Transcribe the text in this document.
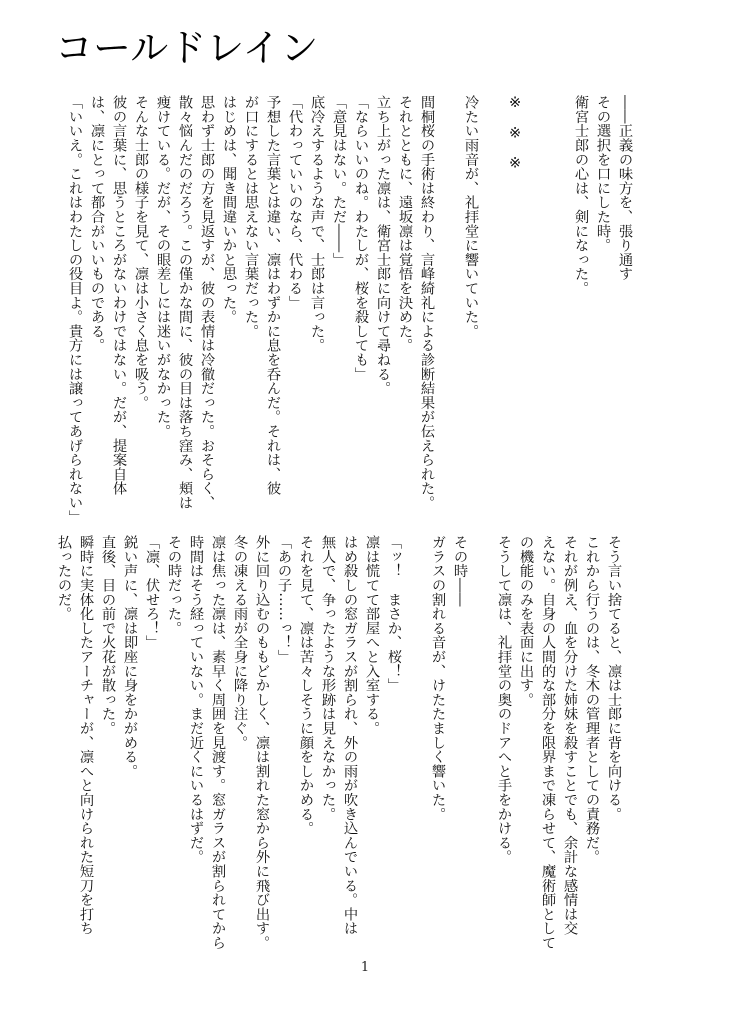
コールドレイン
――正義の味方を、張り通す
その選択を口にした時。
衛宮士郎の心は、剣になった。
※　※　※
冷たい雨音が、礼拝堂に響いていた。
間桐桜の手術は終わり、言峰綺礼による診断結果が伝えられた。
それとともに、遠坂凛は覚悟を決めた。
立ち上がった凛は、衛宮士郎に向けて尋ねる。
「ならいいのね。わたしが、桜を殺しても」
「意見はない。ただ――」
底冷えするような声で、士郎は言った。
「代わっていいのなら、代わる」
予想した言葉とは違い、凛はわずかに息を呑んだ。それは、彼
が口にするとは思えない言葉だった。
はじめは、聞き間違いかと思った。
思わず士郎の方を見返すが、彼の表情は冷徹だった。おそらく、
散々悩んだのだろう。この僅かな間に、彼の目は落ち窪み、頬は
痩けている。だが、その眼差しには迷いがなかった。
そんな士郎の様子を見て、凛は小さく息を吸う。
彼の言葉に、思うところがないわけではない。だが、提案自体
は、凛にとって都合がいいものである。
「いいえ。これはわたしの役目よ。貴方には譲ってあげられない」
そう言い捨てると、凛は士郎に背を向ける。
これから行うのは、冬木の管理者としての責務だ。
それが例え、血を分けた姉妹を殺すことでも、余計な感情は交
えない。自身の人間的な部分を限界まで凍らせて、魔術師として
の機能のみを表面に出す。
そうして凛は、礼拝堂の奥のドアへと手をかける。
その時――
ガラスの割れる音が、けたたましく響いた。
「ッ！　まさか、桜！」
凛は慌てて部屋へと入室する。
はめ殺しの窓ガラスが割られ、外の雨が吹き込んでいる。中は
無人で、争ったような形跡は見えなかった。
それを見て、凛は苦々しそうに顔をしかめる。
「あの子……っ！」
外に回り込むのももどかしく、凛は割れた窓から外に飛び出す。
冬の凍える雨が全身に降り注ぐ。
凛は焦った凛は、素早く周囲を見渡す。窓ガラスが割られてから
時間はそう経っていない。まだ近くにいるはずだ。
その時だった。
「凛、伏せろ！」
鋭い声に、凛は即座に身をかがめる。
直後、目の前で火花が散った。
瞬時に実体化したアーチャーが、凛へと向けられた短刀を打ち
払ったのだ。
1
